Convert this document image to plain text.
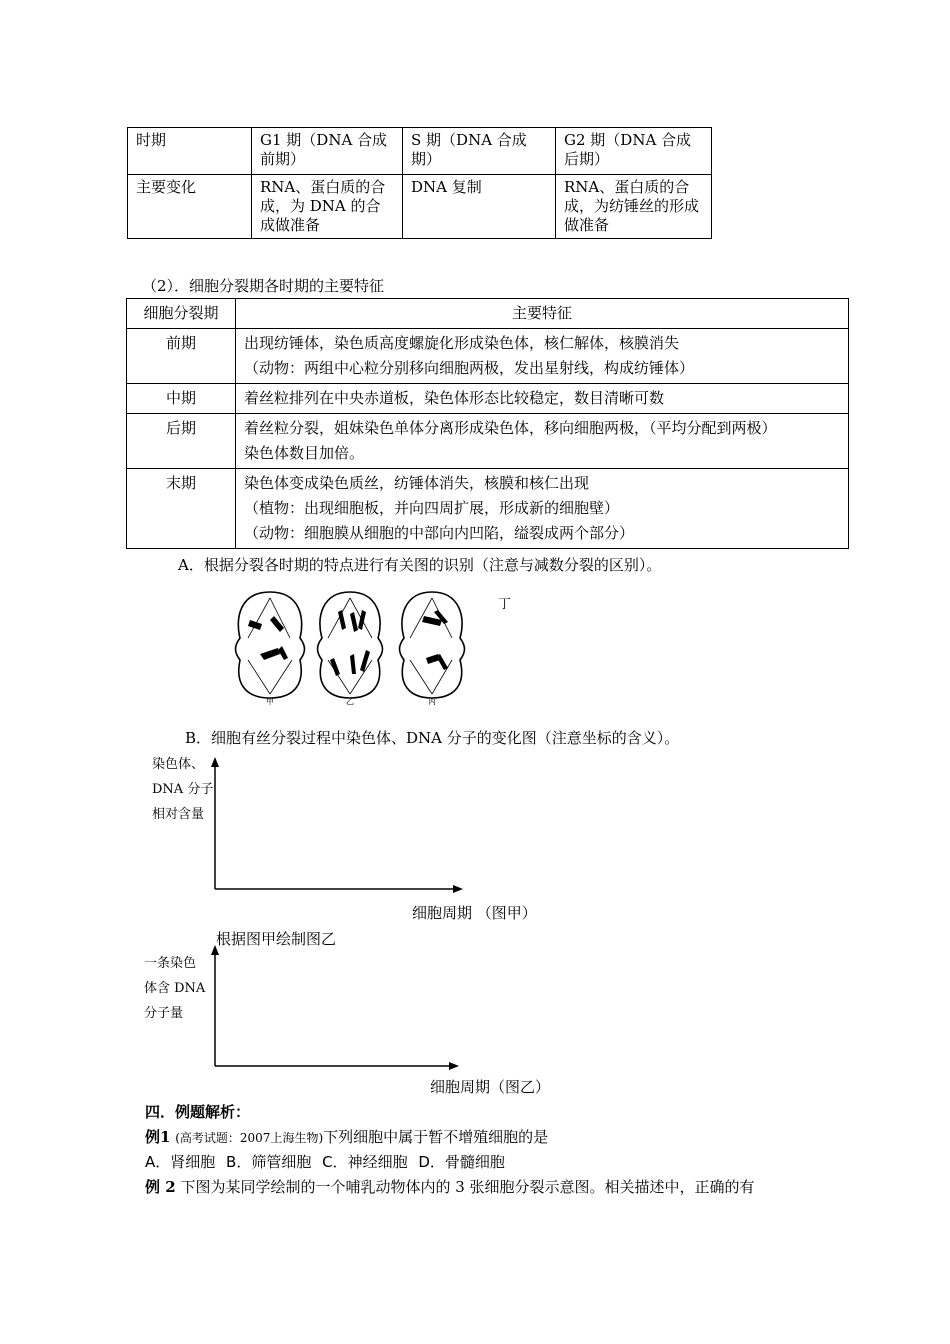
时期	G1 期（DNA 合成前期）	S 期（DNA 合成期）	G2 期（DNA 合成后期）
主要变化	RNA、蛋白质的合成，为 DNA 的合成做准备	DNA 复制	RNA、蛋白质的合成，为纺锤丝的形成做准备
（2）．细胞分裂期各时期的主要特征
细胞分裂期	主要特征
前期	出现纺锤体，染色质高度螺旋化形成染色体，核仁解体，核膜消失
（动物：两组中心粒分别移向细胞两极，发出星射线，构成纺锤体）

中期	着丝粒排列在中央赤道板，染色体形态比较稳定，数目清晰可数

后期	着丝粒分裂，姐妹染色单体分离形成染色体，移向细胞两极，（平均分配到两极）
染色体数目加倍。

末期	染色体变成染色质丝，纺锤体消失，核膜和核仁出现
（植物：出现细胞板，并向四周扩展，形成新的细胞壁）
（动物：细胞膜从细胞的中部向内凹陷，缢裂成两个部分）
A．根据分裂各时期的特点进行有关图的识别（注意与减数分裂的区别）。
甲	乙	丙
丁
B．细胞有丝分裂过程中染色体、DNA 分子的变化图（注意坐标的含义）。
染色体、
DNA 分子
相对含量
细胞周期 （图甲）
根据图甲绘制图乙
一条染色
体含 DNA
分子量
细胞周期（图乙）
四．例题解析：
例1 (高考试题：2007上海生物)下列细胞中属于暂不增殖细胞的是
A．肾细胞 B．筛管细胞 C．神经细胞 D．骨髓细胞
例 2 下图为某同学绘制的一个哺乳动物体内的 3 张细胞分裂示意图。相关描述中，正确的有
